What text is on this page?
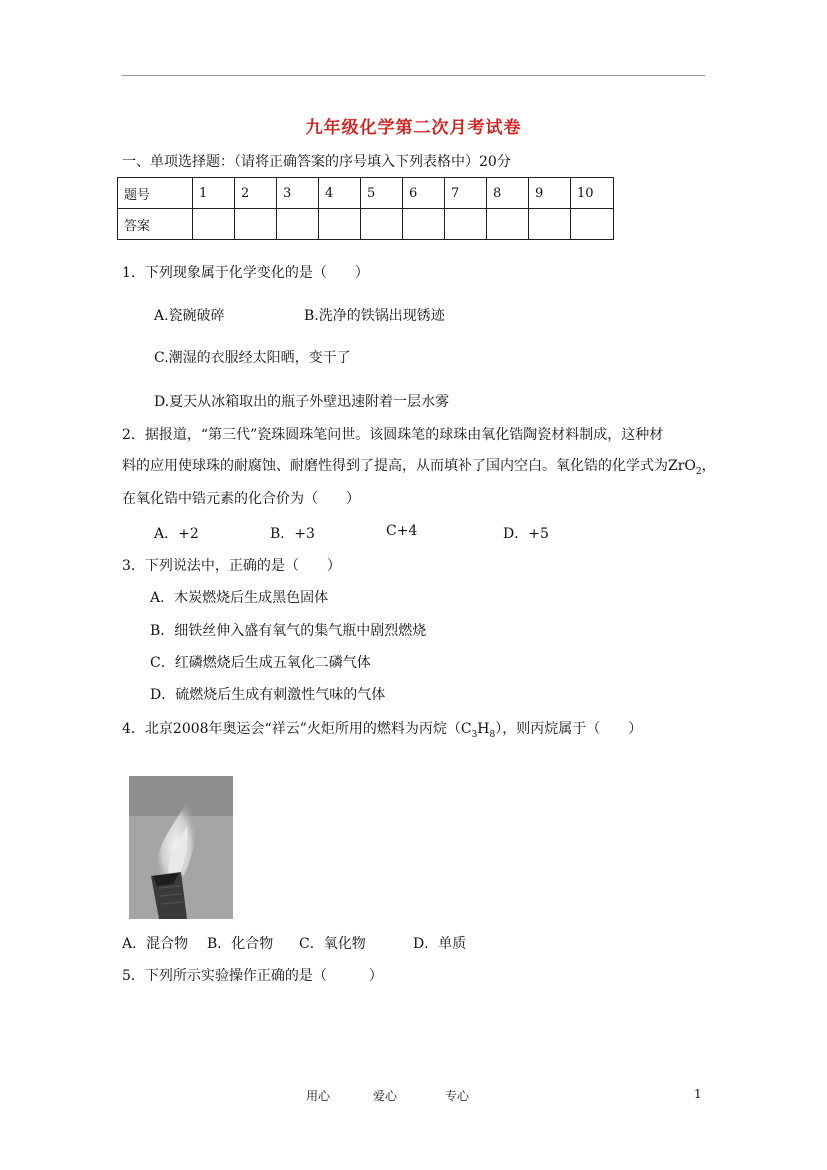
九年级化学第二次月考试卷
一、单项选择题：（请将正确答案的序号填入下列表格中）20分
题号	1	2	3	4	5	6	7	8	9	10
答案										
1．下列现象属于化学变化的是（　　）
A.瓷碗破碎	B.洗净的铁锅出现锈迹
C.潮湿的衣服经太阳晒，变干了
D.夏天从冰箱取出的瓶子外壁迅速附着一层水雾
2．据报道，“第三代”瓷珠圆珠笔问世。该圆珠笔的球珠由氧化锆陶瓷材料制成，这种材
料的应用使球珠的耐腐蚀、耐磨性得到了提高，从而填补了国内空白。氧化锆的化学式为ZrO$_2$，
在氧化锆中锆元素的化合价为（　　）
A．+2	B．+3	C+4	D．+5
3．下列说法中，正确的是（　　）
A．木炭燃烧后生成黑色固体
B．细铁丝伸入盛有氧气的集气瓶中剧烈燃烧
C．红磷燃烧后生成五氧化二磷气体
D．硫燃烧后生成有刺激性气味的气体
4．北京2008年奥运会“祥云”火炬所用的燃料为丙烷$(C_3H_8)$，则丙烷属于（　　）
A．混合物 B．化合物 C．氧化物	D．单质
5．下列所示实验操作正确的是（　　　）
用心	爱心	专心	1
